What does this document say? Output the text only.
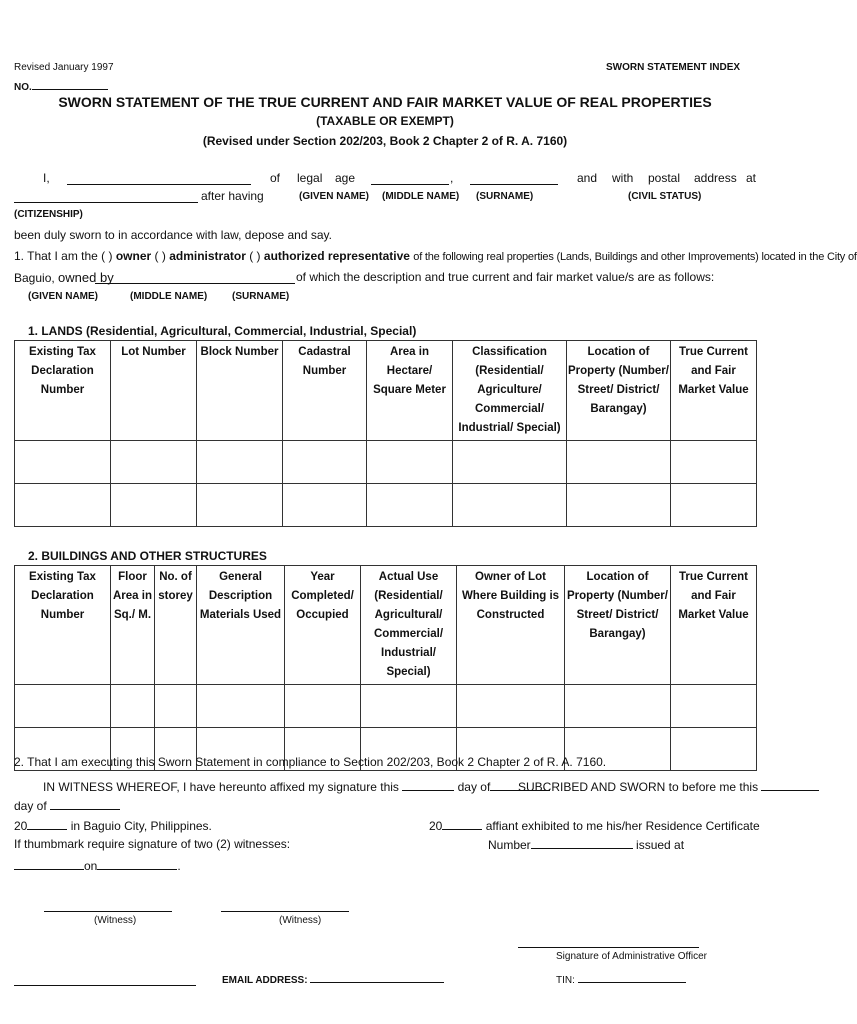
Revised January 1997
NO.
SWORN STATEMENT INDEX
SWORN STATEMENT OF THE TRUE CURRENT AND FAIR MARKET VALUE OF REAL PROPERTIES
(TAXABLE OR EXEMPT)
(Revised under Section 202/203, Book 2 Chapter 2 of R. A. 7160)
I,	of legal age	,	and with postal address at
after having	(GIVEN NAME) (MIDDLE NAME) (SURNAME)	(CIVIL STATUS)
(CITIZENSHIP)
been duly sworn to in accordance with law, depose and say.
1. That I am the ( ) owner ( ) administrator ( ) authorized representative of the following real properties (Lands, Buildings and other Improvements) located in the City of
Baguio, owned by	of which the description and true current and fair market value/s are as follows:
(GIVEN NAME)	(MIDDLE NAME) (SURNAME)
1. LANDS (Residential, Agricultural, Commercial, Industrial, Special)
Existing Tax Declaration Number	Lot Number	Block Number	Cadastral Number	Area in Hectare/ Square Meter	Classification (Residential/ Agriculture/ Commercial/ Industrial/ Special)	Location of Property (Number/ Street/ District/ Barangay)	True Current and Fair Market Value

2. BUILDINGS AND OTHER STRUCTURES
Existing Tax Declaration Number	Floor Area in Sq./ M.	No. of storey	General Description Materials Used	Year Completed/ Occupied	Actual Use (Residential/ Agricultural/ Commercial/ Industrial/ Special)	Owner of Lot Where Building is Constructed	Location of Property (Number/ Street/ District/ Barangay)	True Current and Fair Market Value

2. That I am executing this Sworn Statement in compliance to Section 202/203, Book 2 Chapter 2 of R. A. 7160.
IN WITNESS WHEREOF, I have hereunto affixed my signature this	day of	SUBCRIBED AND SWORN to before me this
day of
20	in Baguio City, Philippines.	20	affiant exhibited to me his/her Residence Certificate
If thumbmark require signature of two (2) witnesses:	Number	issued at
on	.
(Witness)	(Witness)
Signature of Administrative Officer
EMAIL ADDRESS:	TIN:
